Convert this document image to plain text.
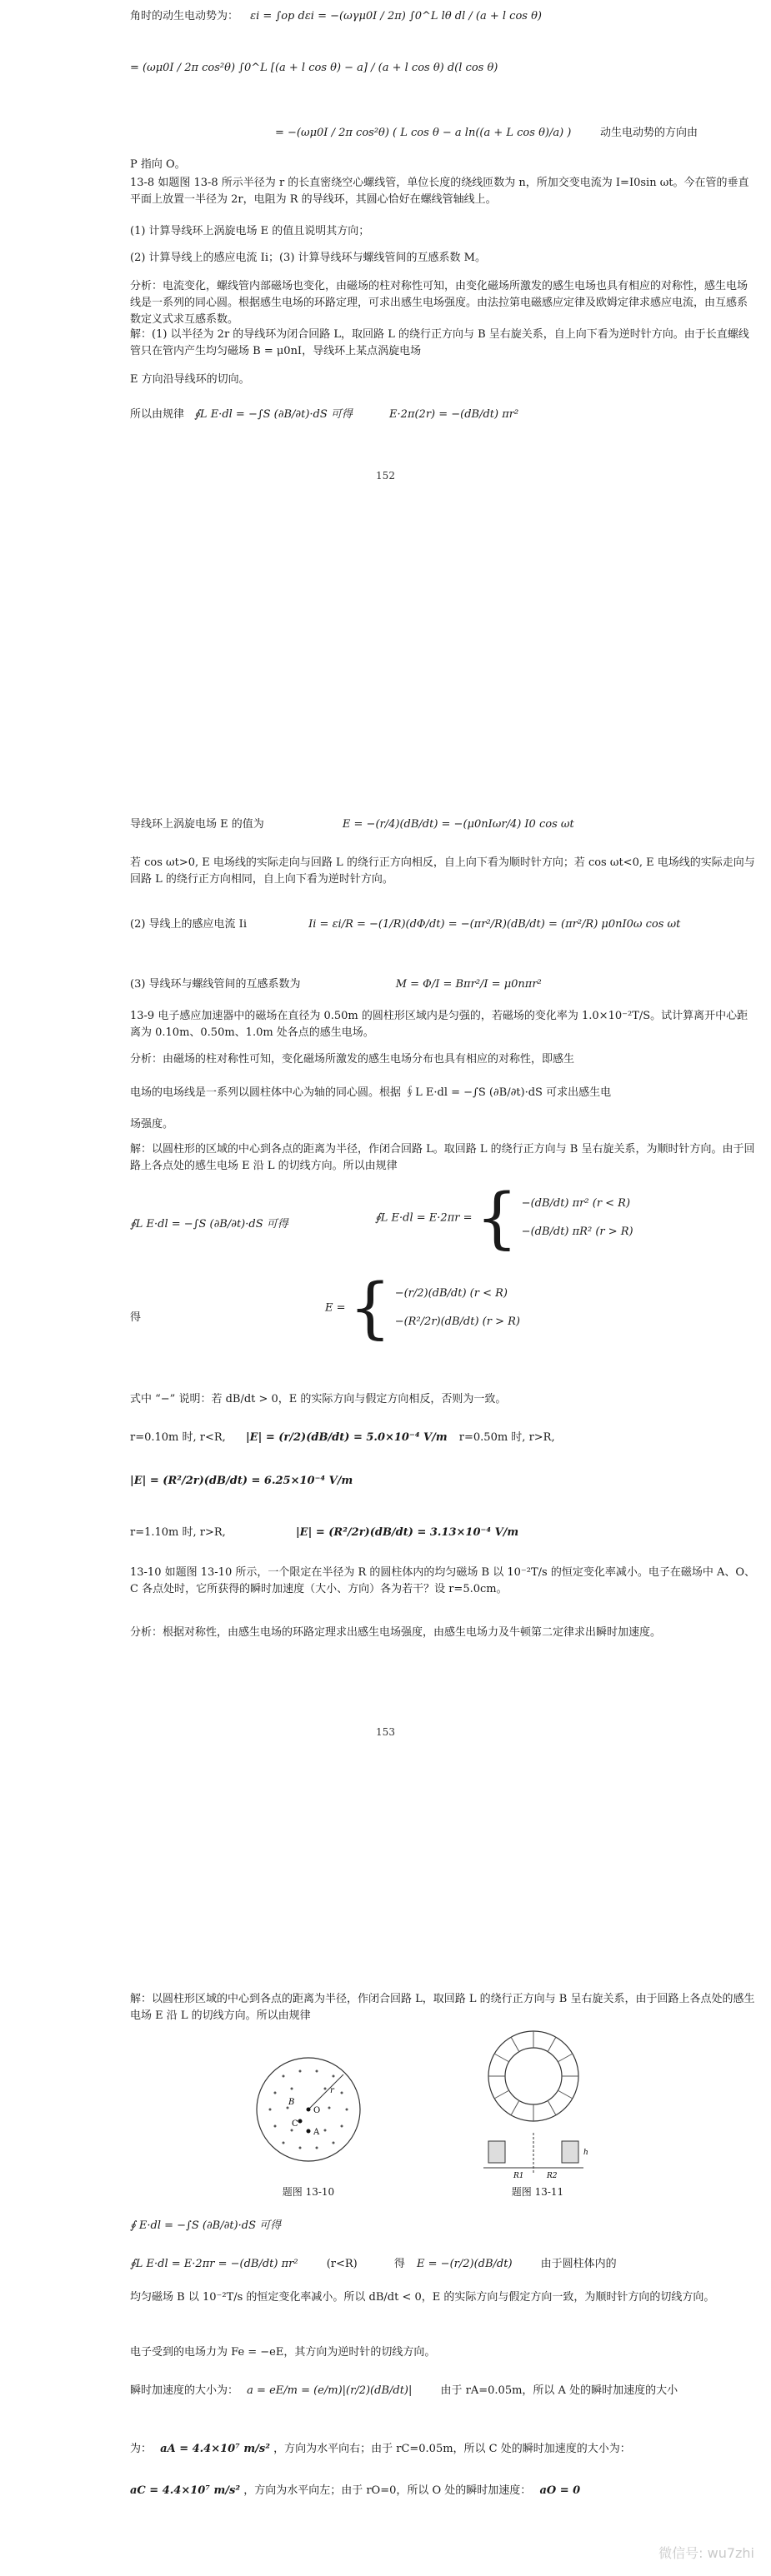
角时的动生电动势为： εi = ∫op dεi = −(ωγμ0I / 2π) ∫0^L lθ dl / (a + l cos θ)
= (ωμ0I / 2π cos²θ) ∫0^L [(a + l cos θ) − a] / (a + l cos θ) d(l cos θ)
= −(ωμ0I / 2π cos²θ) ( L cos θ − a ln((a + L cos θ)/a) )	动生电动势的方向由
P 指向 O。
13-8 如题图 13-8 所示半径为 r 的长直密绕空心螺线管，单位长度的绕线匝数为 n，所加交变电流为 I=I0sin ωt。今在管的垂直平面上放置一半径为 2r，电阻为 R 的导线环，其圆心恰好在螺线管轴线上。
(1) 计算导线环上涡旋电场 E 的值且说明其方向；
(2) 计算导线上的感应电流 Ii；(3) 计算导线环与螺线管间的互感系数 M。
分析：电流变化，螺线管内部磁场也变化，由磁场的柱对称性可知，由变化磁场所激发的感生电场也具有相应的对称性，感生电场线是一系列的同心圆。根据感生电场的环路定理，可求出感生电场强度。由法拉第电磁感应定律及欧姆定律求感应电流，由互感系数定义式求互感系数。
解：(1) 以半径为 2r 的导线环为闭合回路 L，取回路 L 的绕行正方向与 B 呈右旋关系，自上向下看为逆时针方向。由于长直螺线管只在管内产生均匀磁场 B = μ0nI，导线环上某点涡旋电场
E 方向沿导线环的切向。
所以由规律 ∮L E·dl = −∫S (∂B/∂t)·dS 可得	E·2π(2r) = −(dB/dt) πr²
152
导线环上涡旋电场 E 的值为	E = −(r/4)(dB/dt) = −(μ0nIωr/4) I0 cos ωt
若 cos ωt>0, E 电场线的实际走向与回路 L 的绕行正方向相反，自上向下看为顺时针方向；若 cos ωt<0, E 电场线的实际走向与回路 L 的绕行正方向相同，自上向下看为逆时针方向。
(2) 导线上的感应电流 Ii	Ii = εi/R = −(1/R)(dΦ/dt) = −(πr²/R)(dB/dt) = (πr²/R) μ0nI0ω cos ωt
(3) 导线环与螺线管间的互感系数为	M = Φ/I = Bπr²/I = μ0nπr²
13-9 电子感应加速器中的磁场在直径为 0.50m 的圆柱形区域内是匀强的，若磁场的变化率为 1.0×10⁻²T/S。试计算离开中心距离为 0.10m、0.50m、1.0m 处各点的感生电场。
分析：由磁场的柱对称性可知，变化磁场所激发的感生电场分布也具有相应的对称性，即感生
电场的电场线是一系列以圆柱体中心为轴的同心圆。根据 ∮L E·dl = −∫S (∂B/∂t)·dS 可求出感生电
场强度。
解：以圆柱形的区域的中心到各点的距离为半径，作闭合回路 L。取回路 L 的绕行正方向与 B 呈右旋关系，为顺时针方向。由于回路上各点处的感生电场 E 沿 L 的切线方向。所以由规律
∮L E·dl = −∫S (∂B/∂t)·dS 可得	∮L E·dl = E·2πr = { −(dB/dt) πr² (r < R)
−(dB/dt) πR² (r > R)
得
E = { −(r/2)(dB/dt) (r < R)
−(R²/2r)(dB/dt) (r > R)
式中 “−” 说明：若 dB/dt > 0，E 的实际方向与假定方向相反，否则为一致。
r=0.10m 时, r<R, |E| = (r/2)(dB/dt) = 5.0×10⁻⁴ V/m r=0.50m 时, r>R,
|E| = (R²/2r)(dB/dt) = 6.25×10⁻⁴ V/m
r=1.10m 时, r>R,	|E| = (R²/2r)(dB/dt) = 3.13×10⁻⁴ V/m
13-10 如题图 13-10 所示，一个限定在半径为 R 的圆柱体内的均匀磁场 B 以 10⁻²T/s 的恒定变化率减小。电子在磁场中 A、O、C 各点处时，它所获得的瞬时加速度（大小、方向）各为若干？设 r=5.0cm。
分析：根据对称性，由感生电场的环路定理求出感生电场强度，由感生电场力及牛顿第二定律求出瞬时加速度。
153
解：以圆柱形区域的中心到各点的距离为半径，作闭合回路 L，取回路 L 的绕行正方向与 B 呈右旋关系，由于回路上各点处的感生电场 E 沿 L 的切线方向。所以由规律
B
r
O
A
C
题图 13-10
R1	R2
h
题图 13-11
∮ E·dl = −∫S (∂B/∂t)·dS 可得
∮L E·dl = E·2πr = −(dB/dt) πr²	(r<R)	得 E = −(r/2)(dB/dt)	由于圆柱体内的
均匀磁场 B 以 10⁻²T/s 的恒定变化率减小。所以 dB/dt < 0，E 的实际方向与假定方向一致，为顺时针方向的切线方向。
电子受到的电场力为 Fe = −eE，其方向为逆时针的切线方向。
瞬时加速度的大小为： a = eE/m = (e/m)|(r/2)(dB/dt)|	由于 rA=0.05m，所以 A 处的瞬时加速度的大小
为： aA = 4.4×10⁷ m/s² ，方向为水平向右；由于 rC=0.05m，所以 C 处的瞬时加速度的大小为：
aC = 4.4×10⁷ m/s² ，方向为水平向左；由于 rO=0，所以 O 处的瞬时加速度： aO = 0
微信号: wu7zhi
